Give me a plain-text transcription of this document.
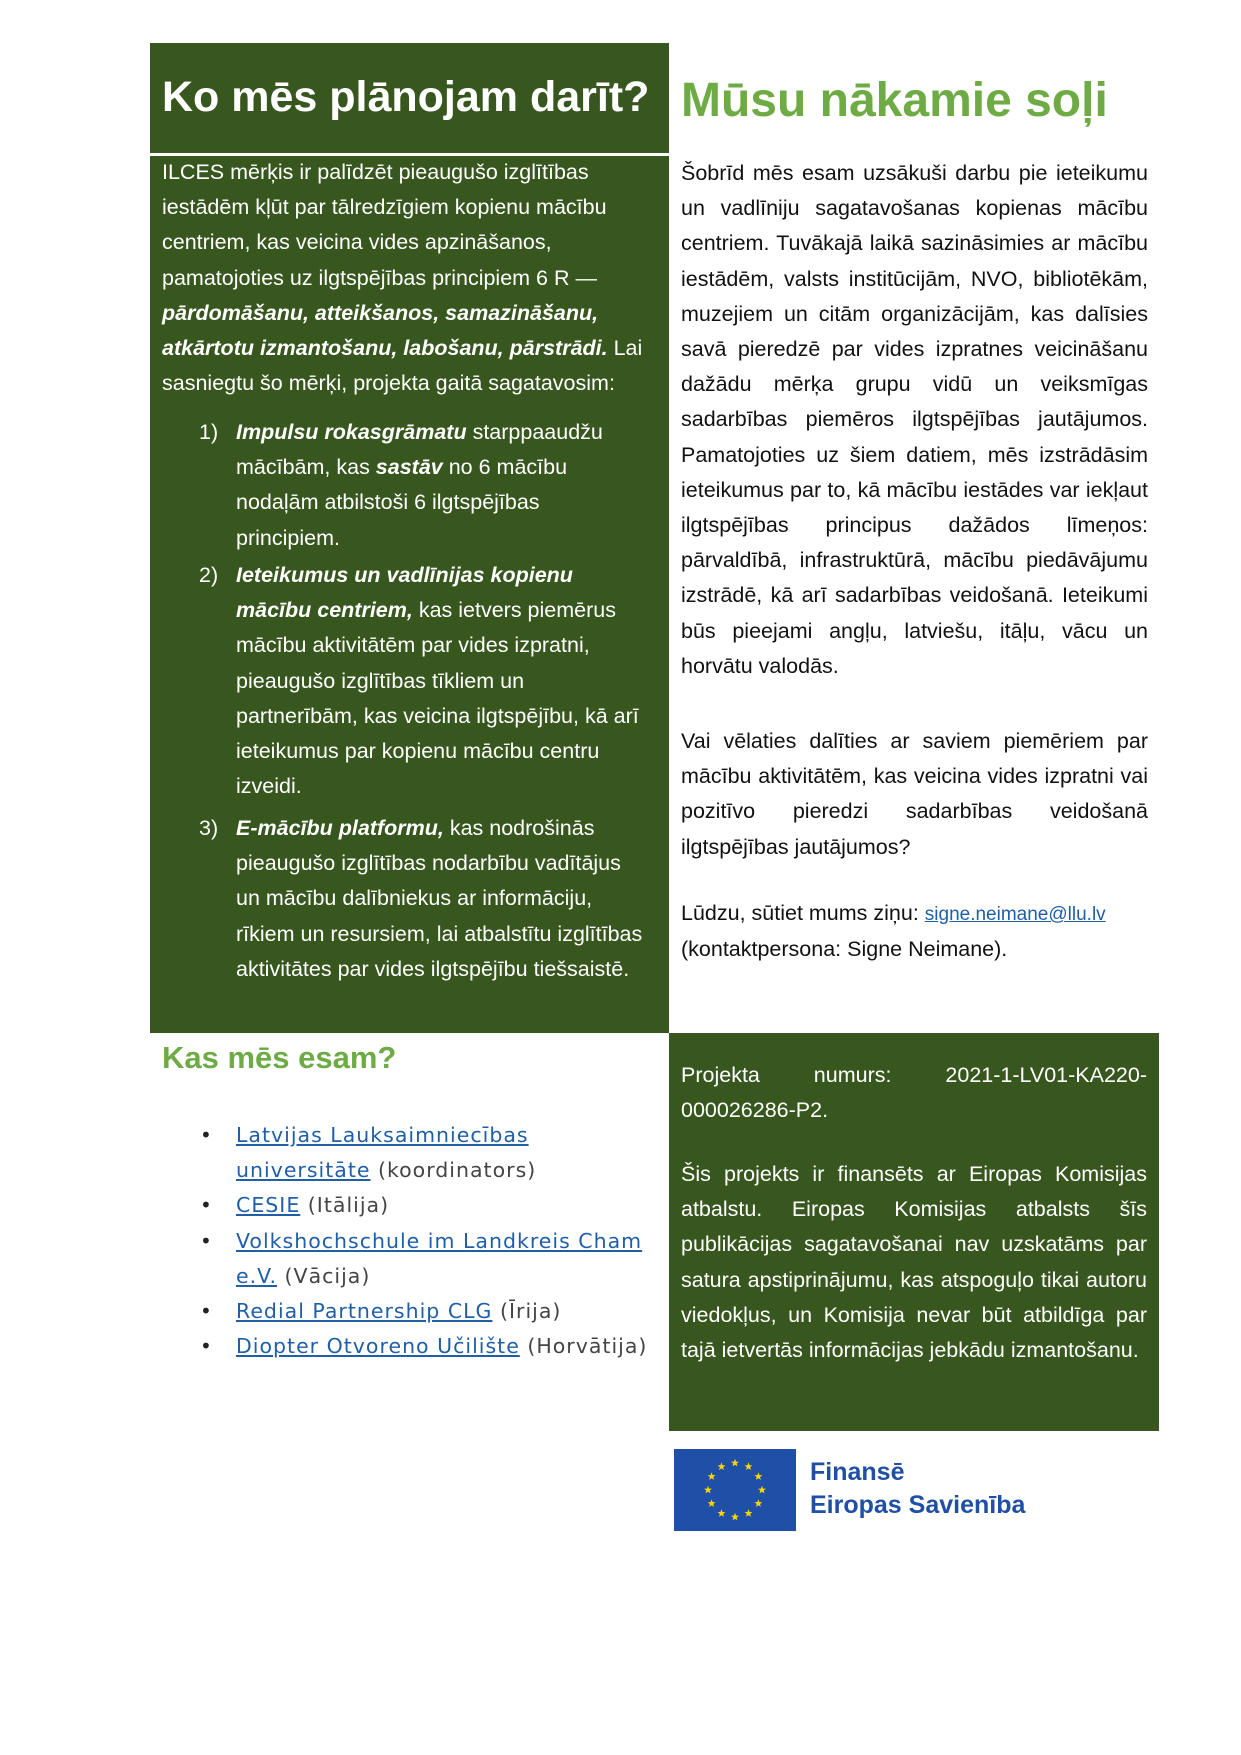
Ko mēs plānojam darīt?
ILCES mērķis ir palīdzēt pieaugušo izglītības iestādēm kļūt par tālredzīgiem kopienu mācību centriem, kas veicina vides apzināšanos, pamatojoties uz ilgtspējības principiem 6 R — pārdomāšanu, atteikšanos, samazināšanu, atkārtotu izmantošanu, labošanu, pārstrādi. Lai sasniegtu šo mērķi, projekta gaitā sagatavosim:
1) Impulsu rokasgrāmatu starppaaudžu mācībām, kas sastāv no 6 mācību nodaļām atbilstoši 6 ilgtspējības principiem.
2) Ieteikumus un vadlīnijas kopienu mācību centriem, kas ietvers piemērus mācību aktivitātēm par vides izpratni, pieaugušo izglītības tīkliem un partnerībām, kas veicina ilgtspējību, kā arī ieteikumus par kopienu mācību centru izveidi.
3) E-mācību platformu, kas nodrošinās pieaugušo izglītības nodarbību vadītājus un mācību dalībniekus ar informāciju, rīkiem un resursiem, lai atbalstītu izglītības aktivitātes par vides ilgtspējību tiešsaistē.
Mūsu nākamie soļi
Šobrīd mēs esam uzsākuši darbu pie ieteikumu un vadlīniju sagatavošanas kopienas mācību centriem. Tuvākajā laikā sazināsimies ar mācību iestādēm, valsts institūcijām, NVO, bibliotēkām, muzejiem un citām organizācijām, kas dalīsies savā pieredzē par vides izpratnes veicināšanu dažādu mērķa grupu vidū un veiksmīgas sadarbības piemēros ilgtspējības jautājumos. Pamatojoties uz šiem datiem, mēs izstrādāsim ieteikumus par to, kā mācību iestādes var iekļaut ilgtspējības principus dažādos līmeņos: pārvaldībā, infrastruktūrā, mācību piedāvājumu izstrādē, kā arī sadarbības veidošanā. Ieteikumi būs pieejami angļu, latviešu, itāļu, vācu un horvātu valodās.
Vai vēlaties dalīties ar saviem piemēriem par mācību aktivitātēm, kas veicina vides izpratni vai pozitīvo pieredzi sadarbības veidošanā ilgtspējības jautājumos?
Lūdzu, sūtiet mums ziņu: signe.neimane@llu.lv
(kontaktpersona: Signe Neimane).
Kas mēs esam?
• Latvijas Lauksaimniecības universitāte (koordinators)
• CESIE (Itālija)
• Volkshochschule im Landkreis Cham e.V. (Vācija)
• Redial Partnership CLG (Īrija)
• Diopter Otvoreno Učilište (Horvātija)
Projekta numurs: 2021-1-LV01-KA220-000026286-P2.
Šis projekts ir finansēts ar Eiropas Komisijas atbalstu. Eiropas Komisijas atbalsts šīs publikācijas sagatavošanai nav uzskatāms par satura apstiprinājumu, kas atspoguļo tikai autoru viedokļus, un Komisija nevar būt atbildīga par tajā ietvertās informācijas jebkādu izmantošanu.
Finansē
Eiropas Savienība
